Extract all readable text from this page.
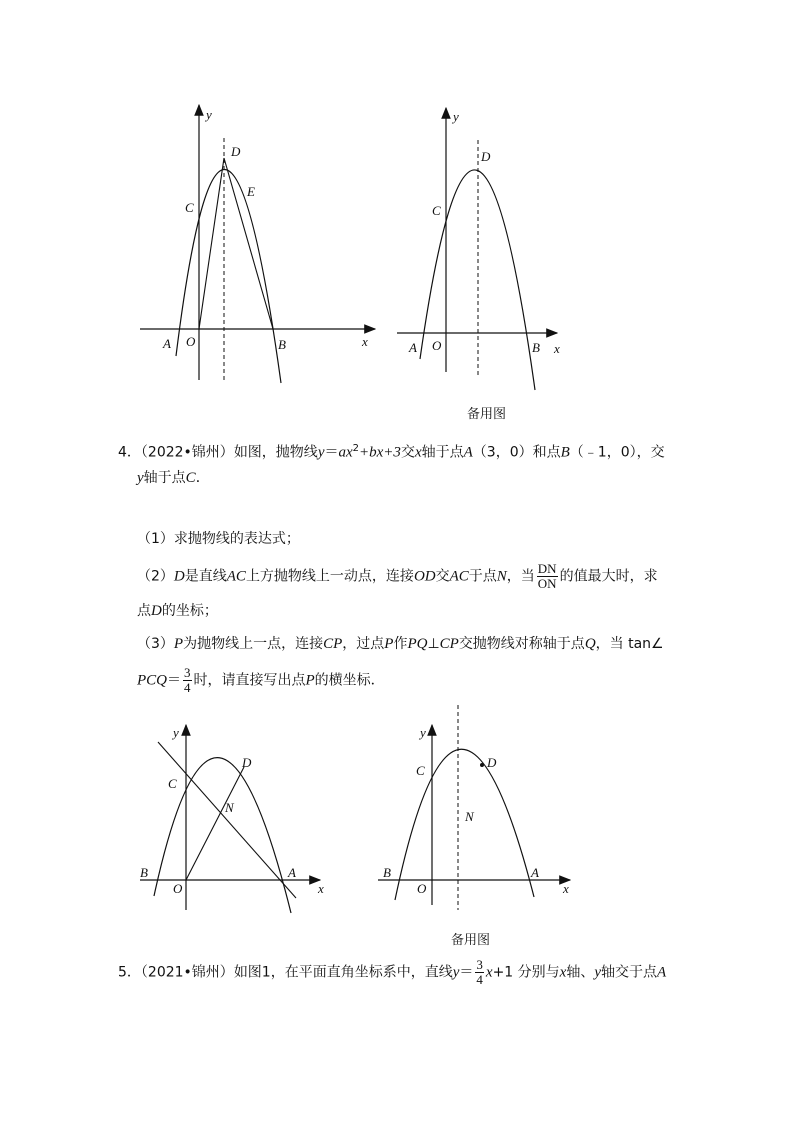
y
x
O
A	B
C
D
E
y
x
O
A	B
C
D
备用图
4．（2022•锦州）如图，抛物线$y=ax^2+bx+3$交x轴于点A（3，0）和点B（﹣1，0），交
y轴于点C．
（1）求抛物线的表达式；
（2）D是直线AC上方抛物线上一动点，连接OD交AC于点N，当 $\frac{DN}{ON}$ 的值最大时，求
点D的坐标；
（3）P为抛物线上一点，连接CP，过点P作PQ⊥CP交抛物线对称轴于点Q，当 tan∠
$PCQ= \frac{3}{4}$ 时，请直接写出点P的横坐标．
y
x
O
A
B
C
D
N
y
x
O
A
B
C
D
N
备用图
5．（2021•锦州）如图1，在平面直角坐标系中，直线$y= \frac{3}{4} x+1$ 分别与x轴、y轴交于点A
